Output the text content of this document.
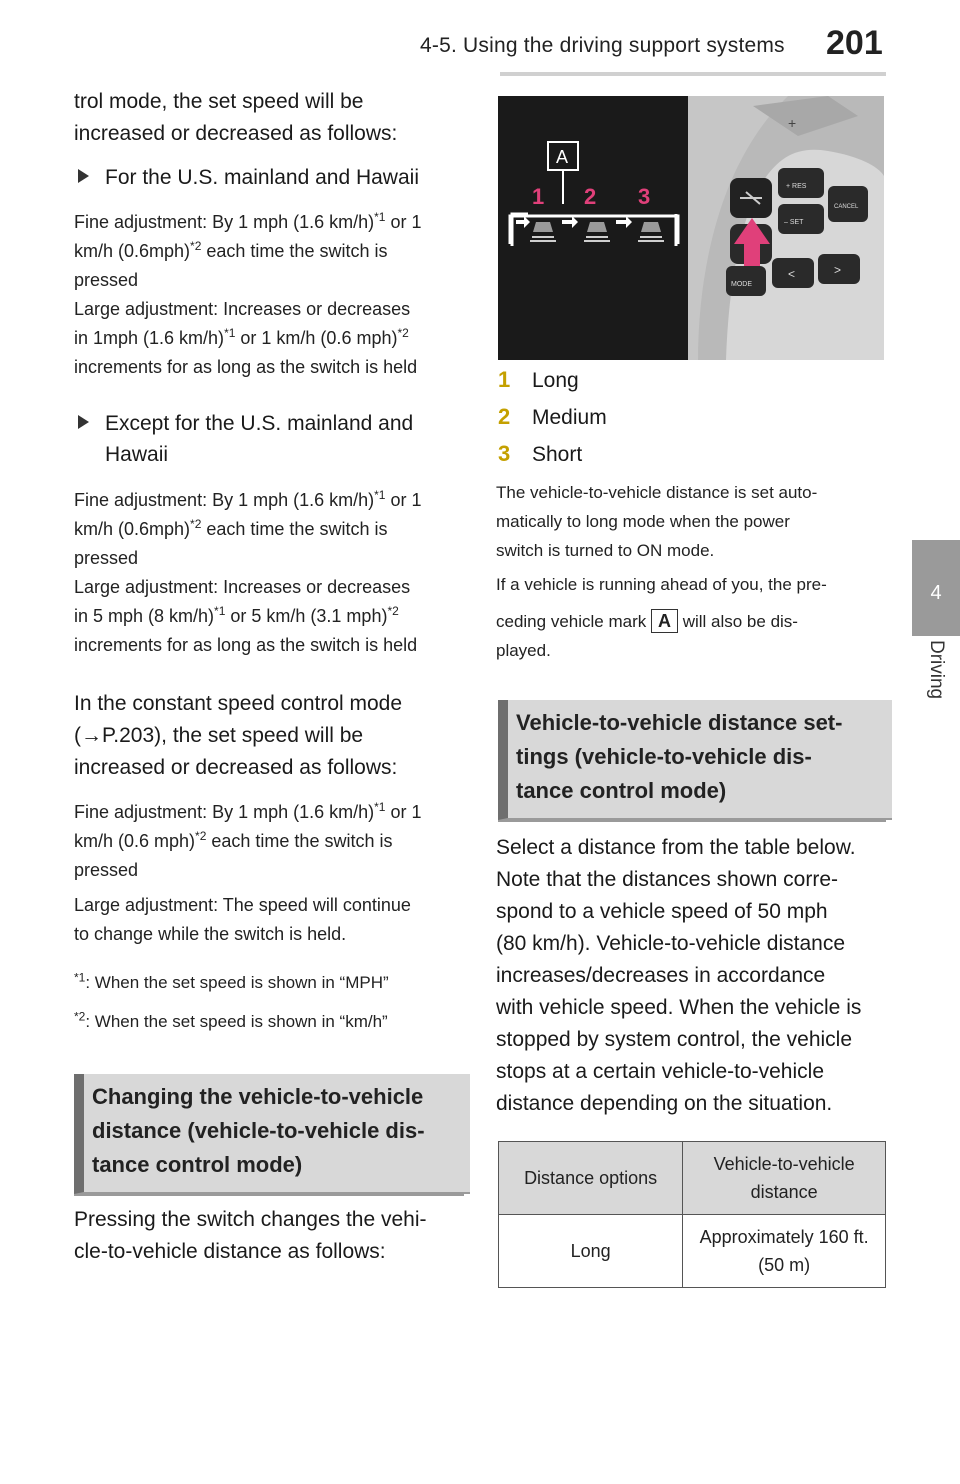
4-5. Using the driving support systems 201
4
Driving
trol mode, the set speed will be
increased or decreased as follows:
For the U.S. mainland and Hawaii
Fine adjustment: By 1 mph (1.6 km/h)$^{*1}$ or 1
km/h $(0.6mph)^{*2}$ each time the switch is
pressed
Large adjustment: Increases or decreases
in 1mph (1.6 km/h)$^{*1}$ or 1 km/h (0.6 mph)$^{*2}$
increments for as long as the switch is held
Except for the U.S. mainland and
Hawaii
Fine adjustment: By 1 mph (1.6 km/h)$^{*1}$ or 1
km/h $(0.6mph)^{*2}$ each time the switch is
pressed
Large adjustment: Increases or decreases
in 5 mph (8 km/h)$^{*1}$ or 5 km/h (3.1 mph)$^{*2}$
increments for as long as the switch is held
In the constant speed control mode
(→P.203), the set speed will be
increased or decreased as follows:
Fine adjustment: By 1 mph (1.6 km/h)$^{*1}$ or 1
km/h (0.6 mph)$^{*2}$ each time the switch is
pressed
Large adjustment: The speed will continue
to change while the switch is held.
$^{*1}$: When the set speed is shown in “MPH”
$^{*2}$: When the set speed is shown in “km/h”
Changing the vehicle-to-vehicle
distance (vehicle-to-vehicle dis-
tance control mode)
Pressing the switch changes the vehi-
cle-to-vehicle distance as follows:
+
+ RES
CANCEL
– SET
MODE
<	>
A
1 2 3
1 Long
2 Medium
3 Short
The vehicle-to-vehicle distance is set auto-
matically to long mode when the power
switch is turned to ON mode.
If a vehicle is running ahead of you, the pre-
ceding vehicle mark A will also be dis-
played.
Vehicle-to-vehicle distance set-
tings (vehicle-to-vehicle dis-
tance control mode)
Select a distance from the table below.
Note that the distances shown corre-
spond to a vehicle speed of 50 mph
(80 km/h). Vehicle-to-vehicle distance
increases/decreases in accordance
with vehicle speed. When the vehicle is
stopped by system control, the vehicle
stops at a certain vehicle-to-vehicle
distance depending on the situation.
Distance options	Vehicle-to-vehicle distance
Long	Approximately 160 ft. (50 m)
